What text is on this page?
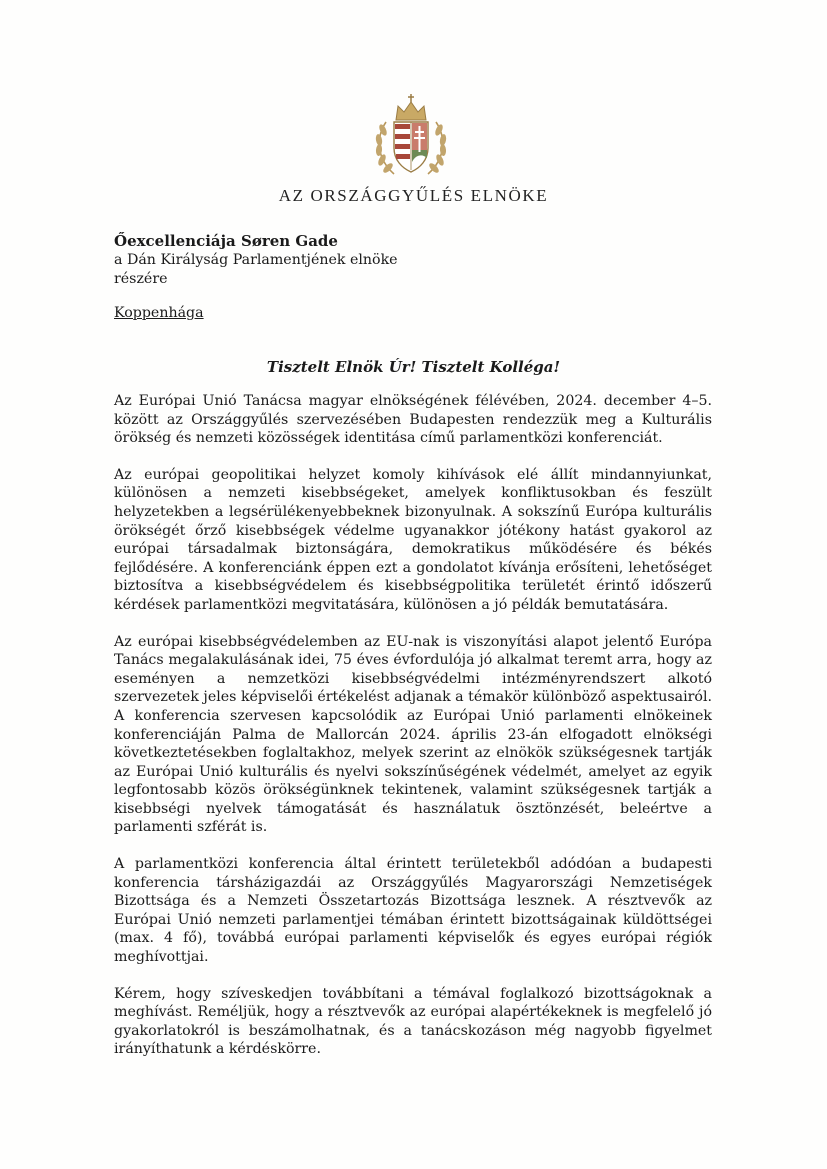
AZ ORSZÁGGYŰLÉS ELNÖKE
Őexcellenciája Søren Gade
a Dán Királyság Parlamentjének elnöke
részére
Koppenhága
Tisztelt Elnök Úr! Tisztelt Kolléga!

Az Európai Unió Tanácsa magyar elnökségének félévében, 2024. december 4–5. között az Országgyűlés szervezésében Budapesten rendezzük meg a Kulturális örökség és nemzeti közösségek identitása című parlamentközi konferenciát.

Az európai geopolitikai helyzet komoly kihívások elé állít mindannyiunkat, különösen a nemzeti kisebbségeket, amelyek konfliktusokban és feszült helyzetekben a legsérülékenyebbeknek bizonyulnak. A sokszínű Európa kulturális örökségét őrző kisebbségek védelme ugyanakkor jótékony hatást gyakorol az európai társadalmak biztonságára, demokratikus működésére és békés fejlődésére. A konferenciánk éppen ezt a gondolatot kívánja erősíteni, lehetőséget biztosítva a kisebbségvédelem és kisebbségpolitika területét érintő időszerű kérdések parlamentközi megvitatására, különösen a jó példák bemutatására.

Az európai kisebbségvédelemben az EU-nak is viszonyítási alapot jelentő Európa Tanács megalakulásának idei, 75 éves évfordulója jó alkalmat teremt arra, hogy az eseményen a nemzetközi kisebbségvédelmi intézményrendszert alkotó szervezetek jeles képviselői értékelést adjanak a témakör különböző aspektusairól. A konferencia szervesen kapcsolódik az Európai Unió parlamenti elnökeinek konferenciáján Palma de Mallorcán 2024. április 23-án elfogadott elnökségi következtetésekben foglaltakhoz, melyek szerint az elnökök szükségesnek tartják az Európai Unió kulturális és nyelvi sokszínűségének védelmét, amelyet az egyik legfontosabb közös örökségünknek tekintenek, valamint szükségesnek tartják a kisebbségi nyelvek támogatását és használatuk ösztönzését, beleértve a parlamenti szférát is.

A parlamentközi konferencia által érintett területekből adódóan a budapesti konferencia társházigazdái az Országgyűlés Magyarországi Nemzetiségek Bizottsága és a Nemzeti Összetartozás Bizottsága lesznek. A résztvevők az Európai Unió nemzeti parlamentjei témában érintett bizottságainak küldöttségei (max. 4 fő), továbbá európai parlamenti képviselők és egyes európai régiók meghívottjai.

Kérem, hogy szíveskedjen továbbítani a témával foglalkozó bizottságoknak a meghívást. Reméljük, hogy a résztvevők az európai alapértékeknek is megfelelő jó gyakorlatokról is beszámolhatnak, és a tanácskozáson még nagyobb figyelmet irányíthatunk a kérdéskörre.
